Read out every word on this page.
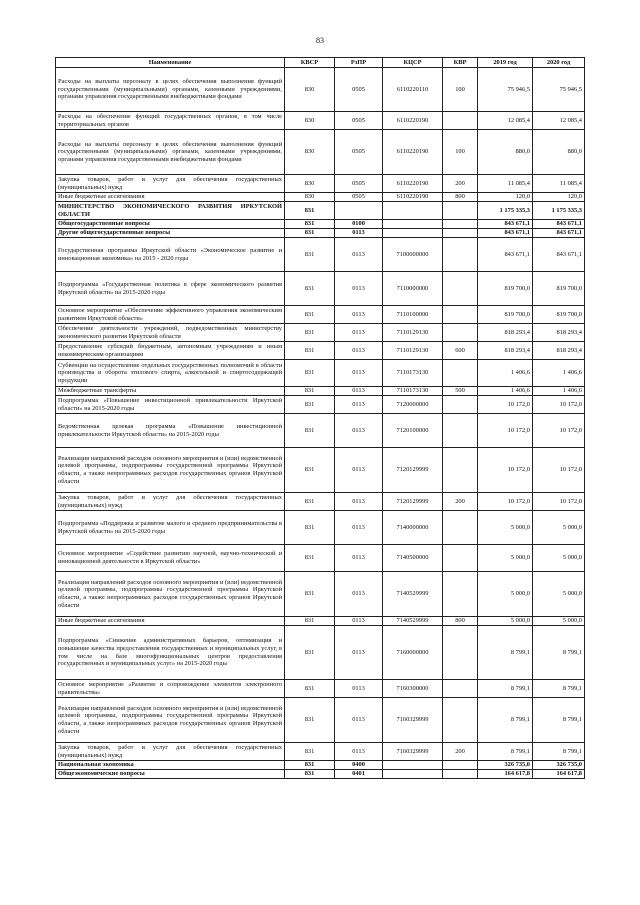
83
Наименование	КВСР	РзПР	КЦСР	КВР	2019 год	2020 год
Расходы на выплаты персоналу в целях обеспечения выполнения функций государственными (муниципальными) органами, казенными учреждениями, органами управления государственными внебюджетными фондами	830	0505	6110220110	100	75 946,5	75 946,5
Расходы на обеспечение функций государственных органов, в том числе территориальных органов	830	0505	6110220190		12 085,4	12 085,4
Расходы на выплаты персоналу в целях обеспечения выполнения функций государственными (муниципальными) органами, казенными учреждениями, органами управления государственными внебюджетными фондами	830	0505	6110220190	100	880,0	880,0
Закупка товаров, работ и услуг для обеспечения государственных (муниципальных) нужд	830	0505	6110220190	200	11 085,4	11 085,4
Иные бюджетные ассигнования	830	0505	6110220190	800	120,0	120,0
МИНИСТЕРСТВО ЭКОНОМИЧЕСКОГО РАЗВИТИЯ ИРКУТСКОЙ ОБЛАСТИ	831				1 175 335,3	1 175 335,3
Общегосударственные вопросы	831	0100			843 671,1	843 671,1
Другие общегосударственные вопросы	831	0113			843 671,1	843 671,1
Государственная программа Иркутской области «Экономическое развитие и инновационная экономика» на 2015 - 2020 годы	831	0113	7100000000		843 671,1	843 671,1
Подпрограмма «Государственная политика в сфере экономического развития Иркутской области» на 2015-2020 годы	831	0113	7110000000		819 700,0	819 700,0
Основное мероприятие «Обеспечение эффективного управления экономическим развитием Иркутской области»	831	0113	7110100000		819 700,0	819 700,0
Обеспечение деятельности учреждений, подведомственных министерству экономического развития Иркутской области	831	0113	7110129130		818 293,4	818 293,4
Предоставление субсидий бюджетным, автономным учреждениям и иным некоммерческим организациям	831	0113	7110129130	600	818 293,4	818 293,4
Субвенции на осуществление отдельных государственных полномочий в области производства и оборота этилового спирта, алкогольной и спиртосодержащей продукции	831	0113	7110173130		1 406,6	1 406,6
Межбюджетные трансферты	831	0113	7110173130	500	1 406,6	1 406,6
Подпрограмма «Повышение инвестиционной привлекательности Иркутской области» на 2015-2020 годы	831	0113	7120000000		10 172,0	10 172,0
Ведомственная целевая программа «Повышение инвестиционной привлекательности Иркутской области» на 2015-2020 годы	831	0113	7120100000		10 172,0	10 172,0
Реализация направлений расходов основного мероприятия и (или) ведомственной целевой программы, подпрограммы государственной программы Иркутской области, а также непрограммных расходов государственных органов Иркутской области	831	0113	7120129999		10 172,0	10 172,0
Закупка товаров, работ и услуг для обеспечения государственных (муниципальных) нужд	831	0113	7120129999	200	10 172,0	10 172,0
Подпрограмма «Поддержка и развитие малого и среднего предпринимательства в Иркутской области» на 2015-2020 годы	831	0113	7140000000		5 000,0	5 000,0
Основное мероприятие «Содействие развитию научной, научно-технической и инновационной деятельности в Иркутской области»	831	0113	7140500000		5 000,0	5 000,0
Реализация направлений расходов основного мероприятия и (или) ведомственной целевой программы, подпрограммы государственной программы Иркутской области, а также непрограммных расходов государственных органов Иркутской области	831	0113	7140529999		5 000,0	5 000,0
Иные бюджетные ассигнования	831	0113	7140529999	800	5 000,0	5 000,0
Подпрограмма «Снижение административных барьеров, оптимизация и повышение качества предоставления государственных и муниципальных услуг, в том числе на базе многофункциональных центров предоставления государственных и муниципальных услуг» на 2015-2020 годы	831	0113	7160000000		8 799,1	8 799,1
Основное мероприятие «Развитие и сопровождение элементов электронного правительства»	831	0113	7160300000		8 799,1	8 799,1
Реализация направлений расходов основного мероприятия и (или) ведомственной целевой программы, подпрограммы государственной программы Иркутской области, а также непрограммных расходов государственных органов Иркутской области	831	0113	7160329999		8 799,1	8 799,1
Закупка товаров, работ и услуг для обеспечения государственных (муниципальных) нужд	831	0113	7160329999	200	8 799,1	8 799,1
Национальная экономика	831	0400			326 735,0	326 735,0
Общеэкономические вопросы	831	0401			164 617,8	164 617,8
